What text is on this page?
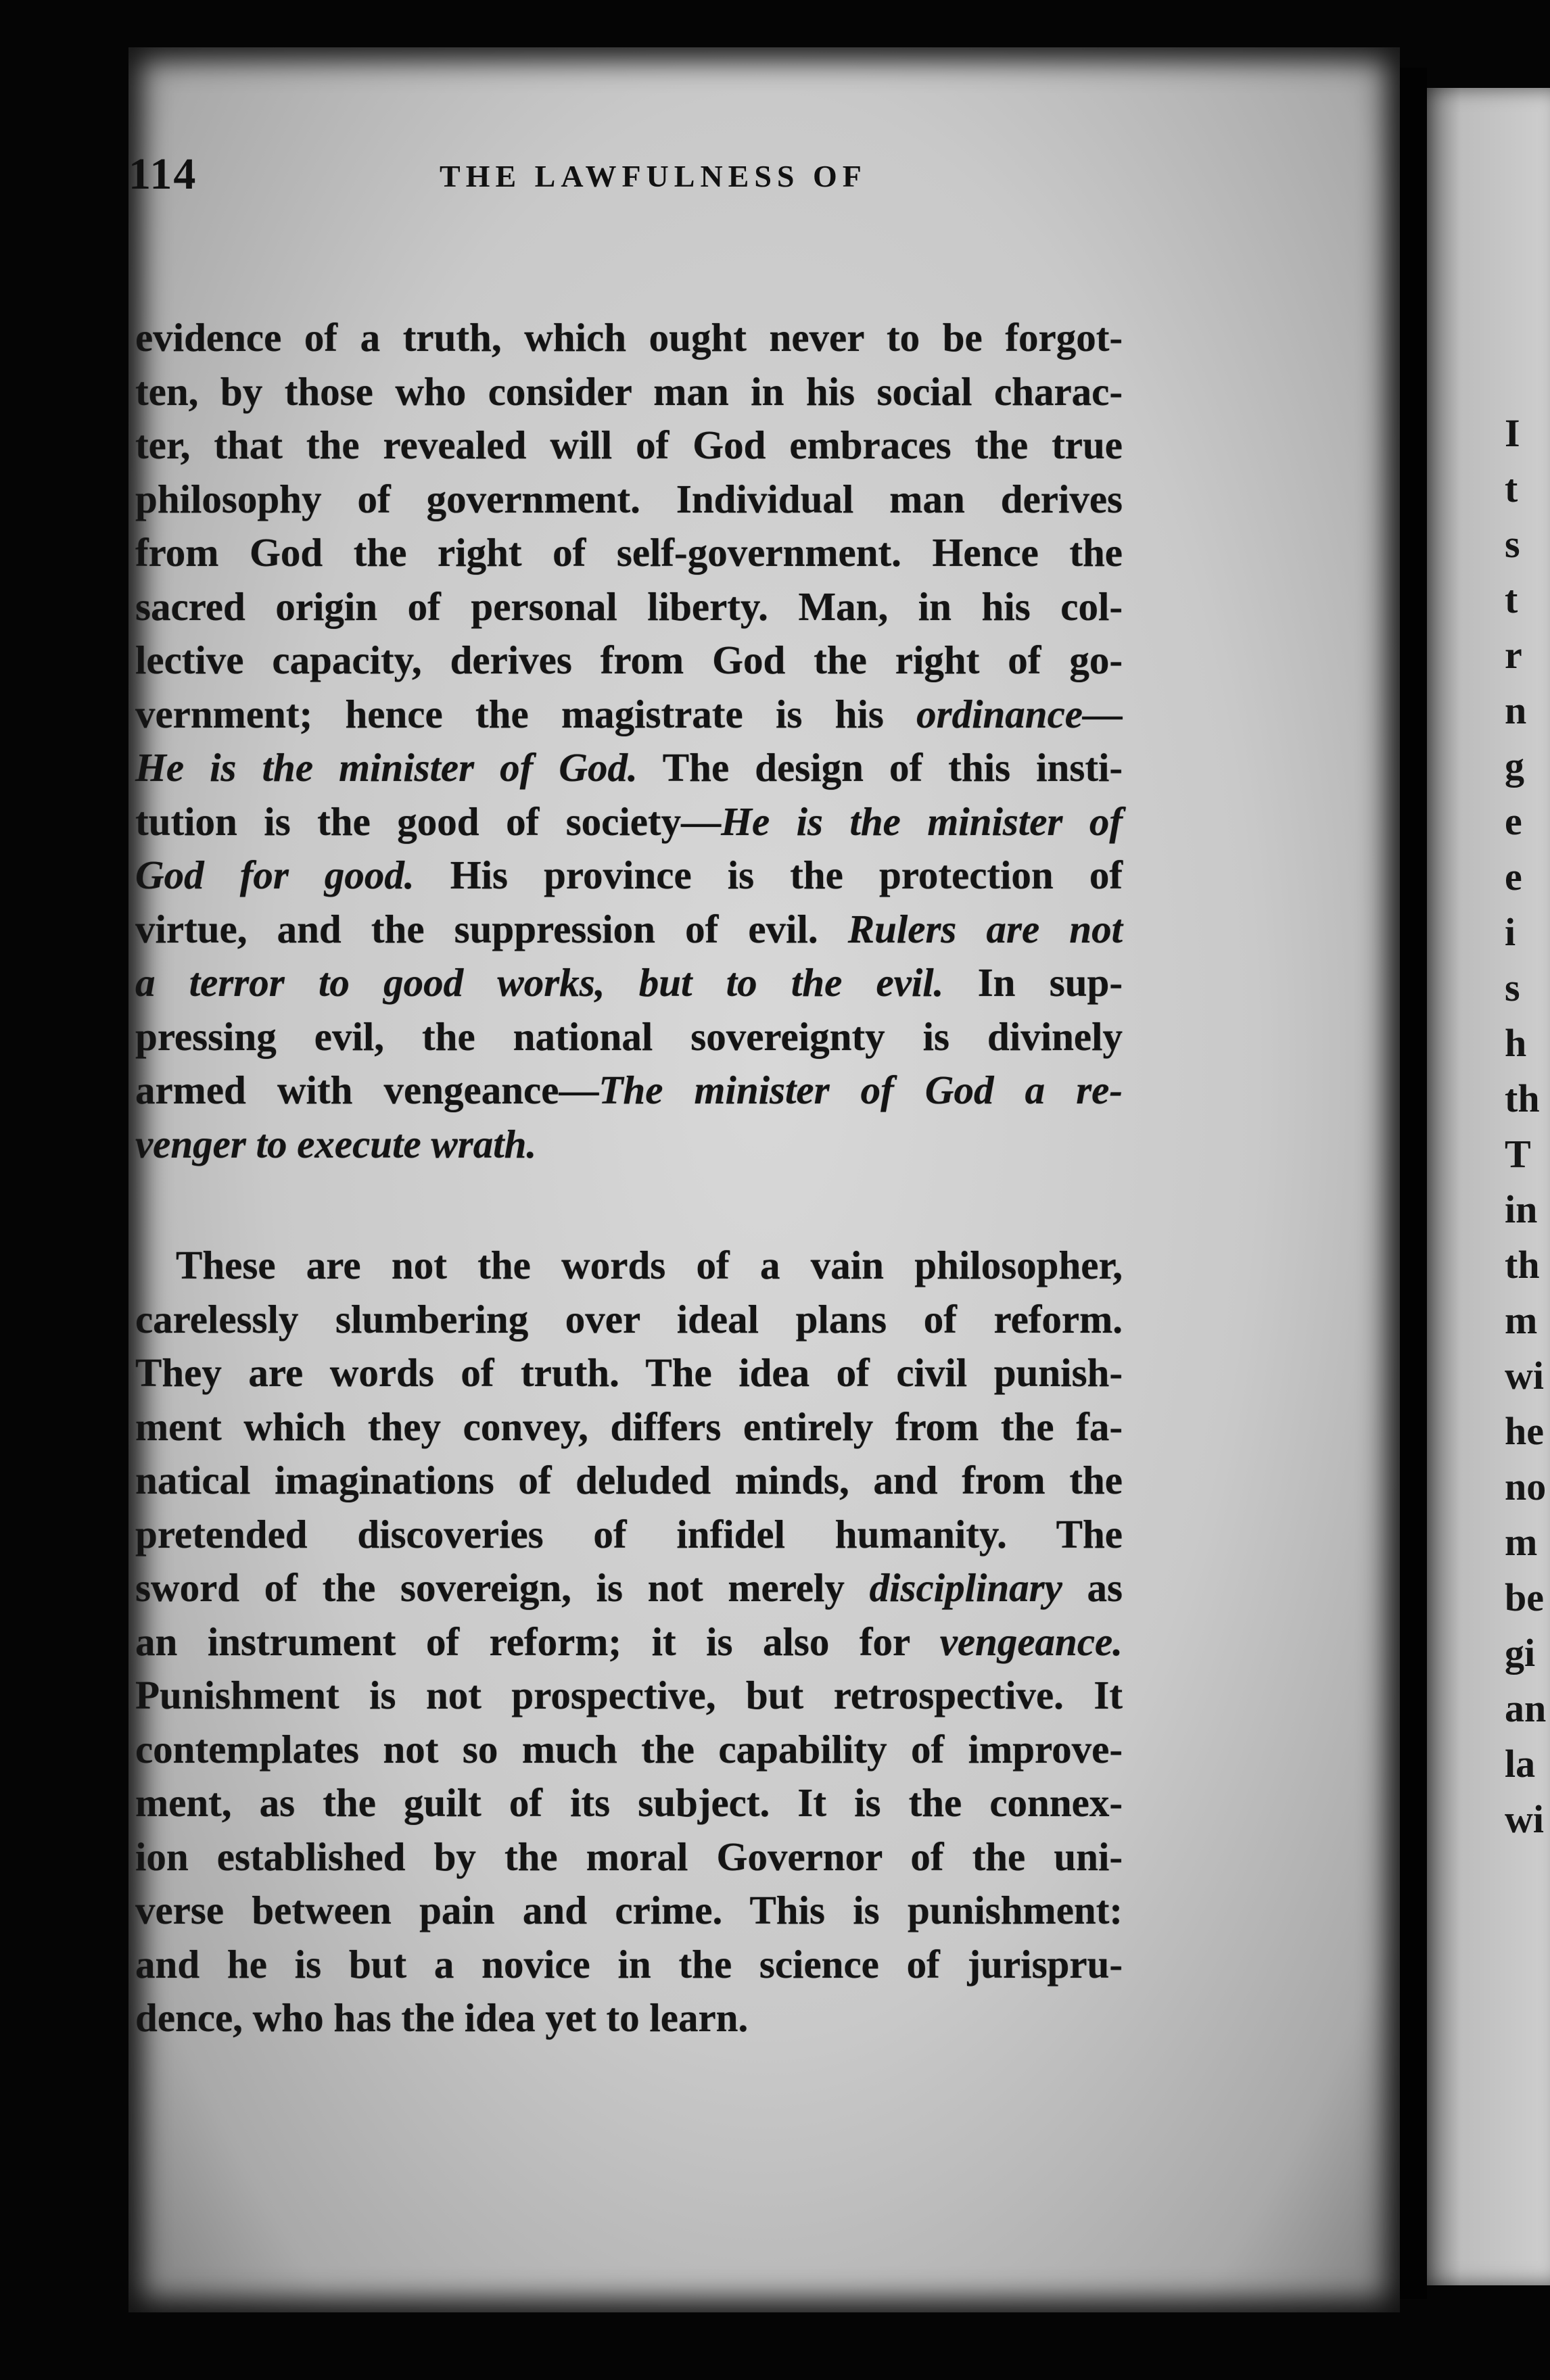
114	THE LAWFULNESS OF
evidence of a truth, which ought never to be forgot-
ten, by those who consider man in his social charac-
ter, that the revealed will of God embraces the true
philosophy of government. Individual man derives
from God the right of self-government. Hence the
sacred origin of personal liberty. Man, in his col-
lective capacity, derives from God the right of go-
vernment; hence the magistrate is his ordinance—
He is the minister of God. The design of this insti-
tution is the good of society—He is the minister of
God for good. His province is the protection of
virtue, and the suppression of evil. Rulers are not
a terror to good works, but to the evil. In sup-
pressing evil, the national sovereignty is divinely
armed with vengeance—The minister of God a re-
venger to execute wrath.
These are not the words of a vain philosopher,
carelessly slumbering over ideal plans of reform.
They are words of truth. The idea of civil punish-
ment which they convey, differs entirely from the fa-
natical imaginations of deluded minds, and from the
pretended discoveries of infidel humanity. The
sword of the sovereign, is not merely disciplinary as
an instrument of reform; it is also for vengeance.
Punishment is not prospective, but retrospective. It
contemplates not so much the capability of improve-
ment, as the guilt of its subject. It is the connex-
ion established by the moral Governor of the uni-
verse between pain and crime. This is punishment:
and he is but a novice in the science of jurispru-
dence, who has the idea yet to learn.
I
t
s
t
r
n
g
e
e
i
s
h
th
T
in
th
m
wi
he
no
m
be
gi
an
la
wi
